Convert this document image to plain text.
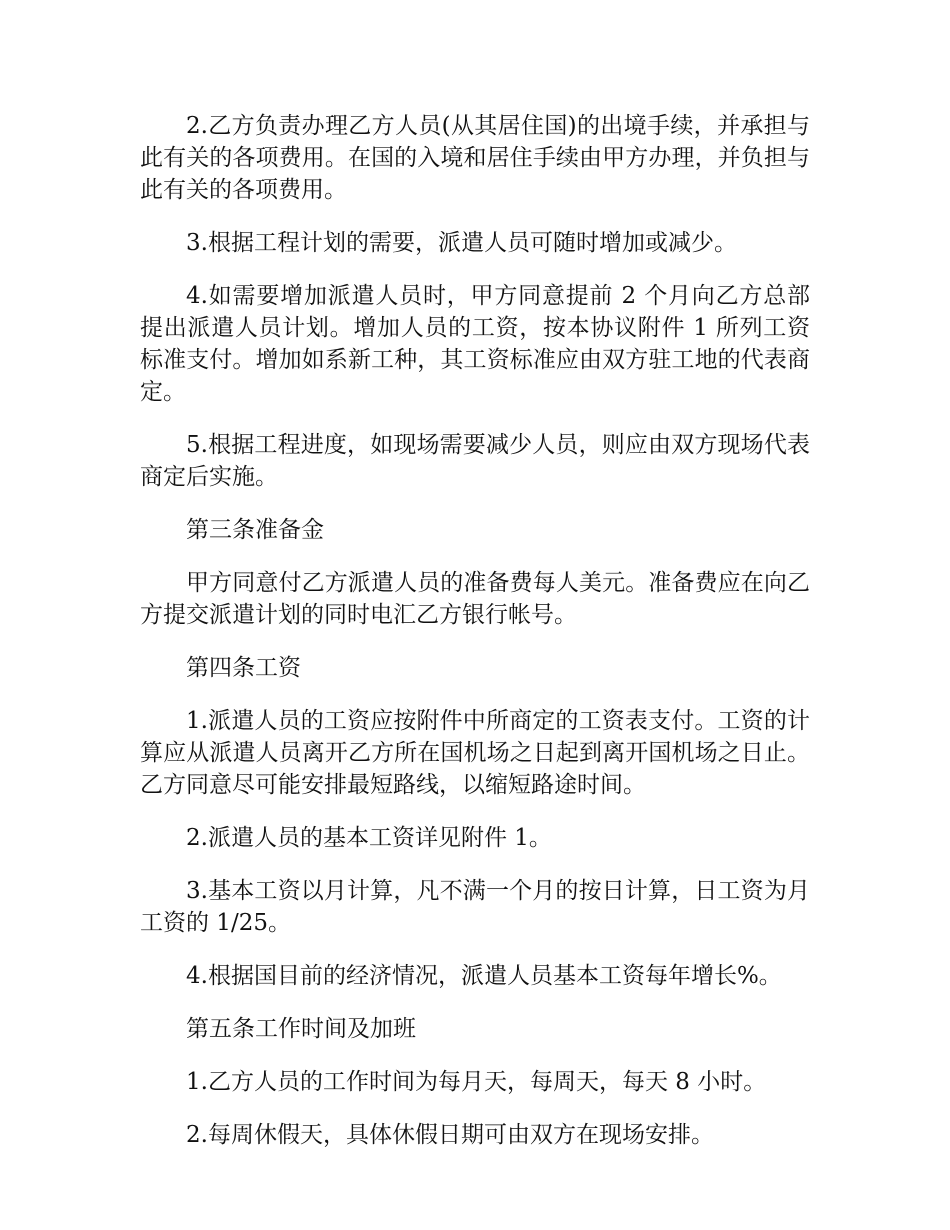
2.乙方负责办理乙方人员(从其居住国)的出境手续，并承担与此有关的各项费用。在国的入境和居住手续由甲方办理，并负担与此有关的各项费用。

3.根据工程计划的需要，派遣人员可随时增加或减少。

4.如需要增加派遣人员时，甲方同意提前 2 个月向乙方总部提出派遣人员计划。增加人员的工资，按本协议附件 1 所列工资标准支付。增加如系新工种，其工资标准应由双方驻工地的代表商定。

5.根据工程进度，如现场需要减少人员，则应由双方现场代表商定后实施。

第三条准备金

甲方同意付乙方派遣人员的准备费每人美元。准备费应在向乙方提交派遣计划的同时电汇乙方银行帐号。

第四条工资

1.派遣人员的工资应按附件中所商定的工资表支付。工资的计算应从派遣人员离开乙方所在国机场之日起到离开国机场之日止。乙方同意尽可能安排最短路线，以缩短路途时间。

2.派遣人员的基本工资详见附件 1。

3.基本工资以月计算，凡不满一个月的按日计算，日工资为月工资的 1/25。

4.根据国目前的经济情况，派遣人员基本工资每年增长%。

第五条工作时间及加班

1.乙方人员的工作时间为每月天，每周天，每天 8 小时。

2.每周休假天，具体休假日期可由双方在现场安排。
